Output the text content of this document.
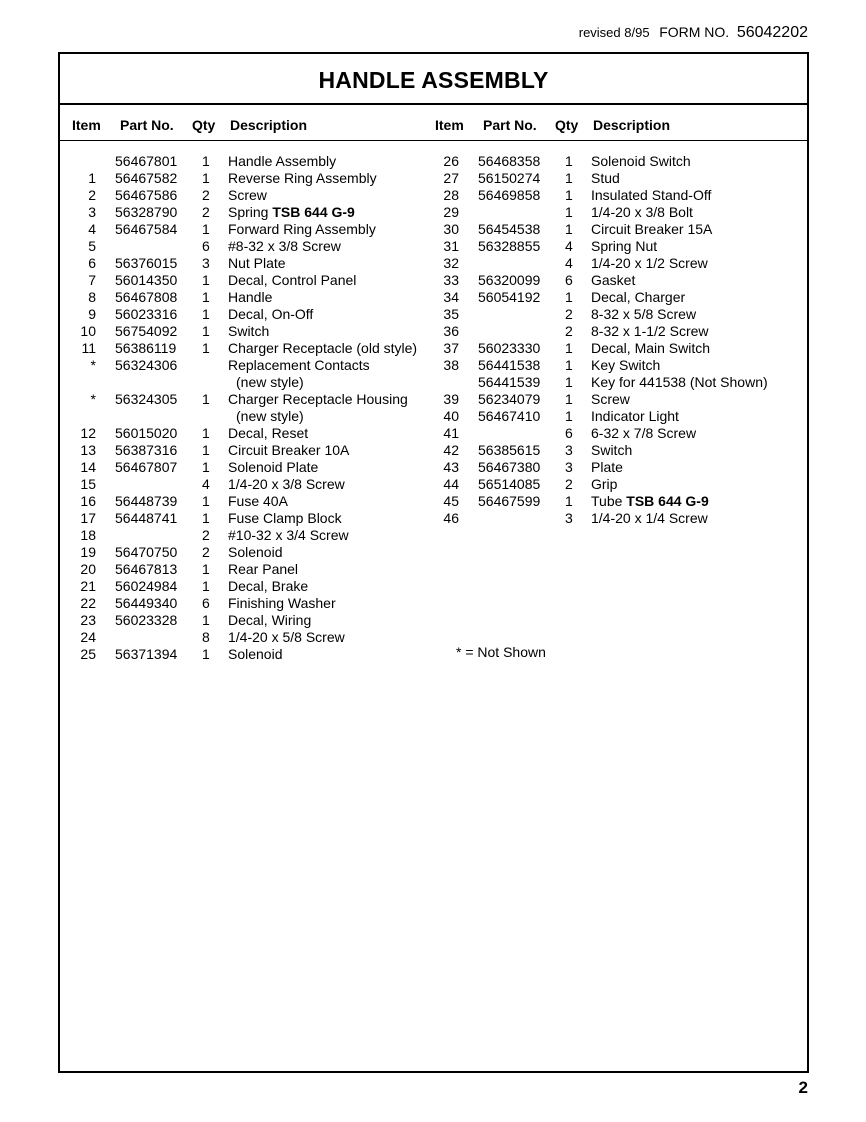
revised 8/95 FORM NO. 56042202
HANDLE ASSEMBLY
Item Part No. Qty Description	Item Part No. Qty Description
56467801 1 Handle Assembly
1 56467582 1 Reverse Ring Assembly
2 56467586 2 Screw
3 56328790 2 Spring TSB 644 G-9
4 56467584 1 Forward Ring Assembly
5	6 #8-32 x 3/8 Screw
6 56376015 3 Nut Plate
7 56014350 1 Decal, Control Panel
8 56467808 1 Handle
9 56023316 1 Decal, On-Off
10 56754092 1 Switch
11 56386119 1 Charger Receptacle (old style)
* 56324306	Replacement Contacts
(new style)
* 56324305 1 Charger Receptacle Housing
(new style)
12 56015020 1 Decal, Reset
13 56387316 1 Circuit Breaker 10A
14 56467807 1 Solenoid Plate
15	4 1/4-20 x 3/8 Screw
16 56448739 1 Fuse 40A
17 56448741 1 Fuse Clamp Block
18	2 #10-32 x 3/4 Screw
19 56470750 2 Solenoid
20 56467813 1 Rear Panel
21 56024984 1 Decal, Brake
22 56449340 6 Finishing Washer
23 56023328 1 Decal, Wiring
24	8 1/4-20 x 5/8 Screw
25 56371394 1 Solenoid
26 56468358 1 Solenoid Switch
27 56150274 1 Stud
28 56469858 1 Insulated Stand-Off
29	1 1/4-20 x 3/8 Bolt
30 56454538 1 Circuit Breaker 15A
31 56328855 4 Spring Nut
32	4 1/4-20 x 1/2 Screw
33 56320099 6 Gasket
34 56054192 1 Decal, Charger
35	2 8-32 x 5/8 Screw
36	2 8-32 x 1-1/2 Screw
37 56023330 1 Decal, Main Switch
38 56441538 1 Key Switch
56441539 1 Key for 441538 (Not Shown)
39 56234079 1 Screw
40 56467410 1 Indicator Light
41	6 6-32 x 7/8 Screw
42 56385615 3 Switch
43 56467380 3 Plate
44 56514085 2 Grip
45 56467599 1 Tube TSB 644 G-9
46	3 1/4-20 x 1/4 Screw
* = Not Shown
2
